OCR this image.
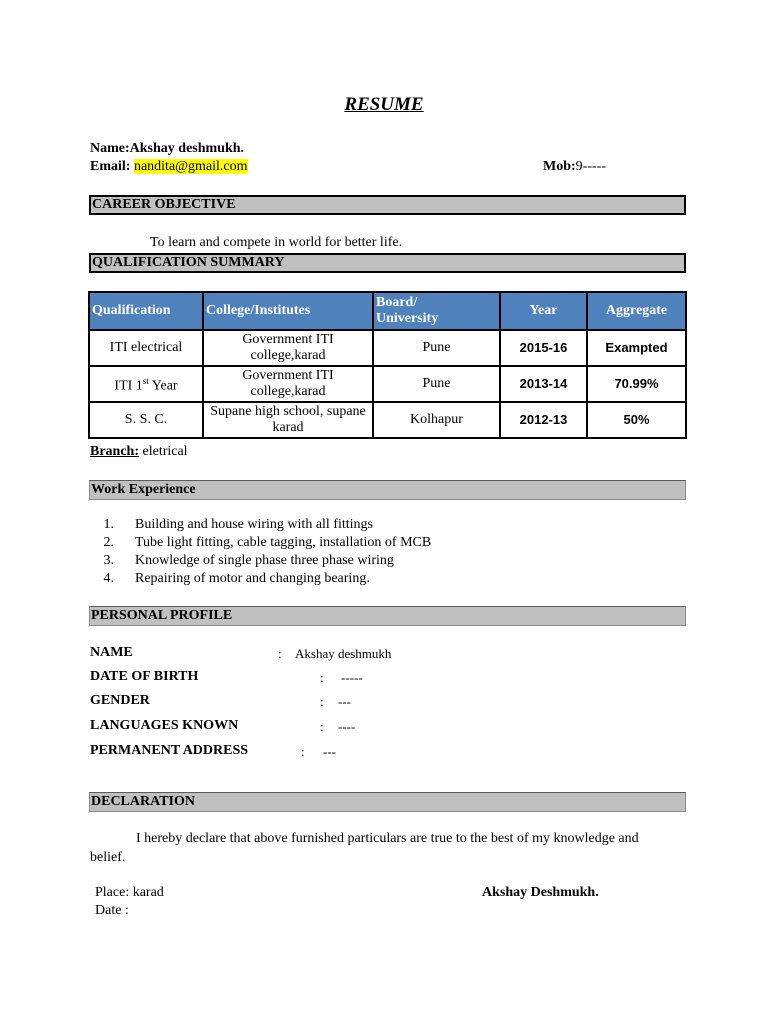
RESUME
Name:Akshay deshmukh.
Email: nandita@gmail.com	Mob:9-----
CAREER OBJECTIVE
To learn and compete in world for better life.
QUALIFICATION SUMMARY
Qualification	College/Institutes	Board/
University	Year	Aggregate
ITI electrical	Government ITI
college,karad	Pune	2015-16	Exampted
ITI 1st Year	Government ITI
college,karad	Pune	2013-14	70.99%
S. S. C.	Supane high school, supane
karad	Kolhapur	2012-13	50%
Branch: eletrical
Work Experience
1. Building and house wiring with all fittings
2. Tube light fitting, cable tagging, installation of MCB
3. Knowledge of single phase three phase wiring
4. Repairing of motor and changing bearing.
PERSONAL PROFILE
NAME	: Akshay deshmukh
DATE OF BIRTH	: -----
GENDER	: ---
LANGUAGES KNOWN	: ----
PERMANENT ADDRESS	: ---
DECLARATION
I hereby declare that above furnished particulars are true to the best of my knowledge and
belief.
Place: karad
Date :
Akshay Deshmukh.
